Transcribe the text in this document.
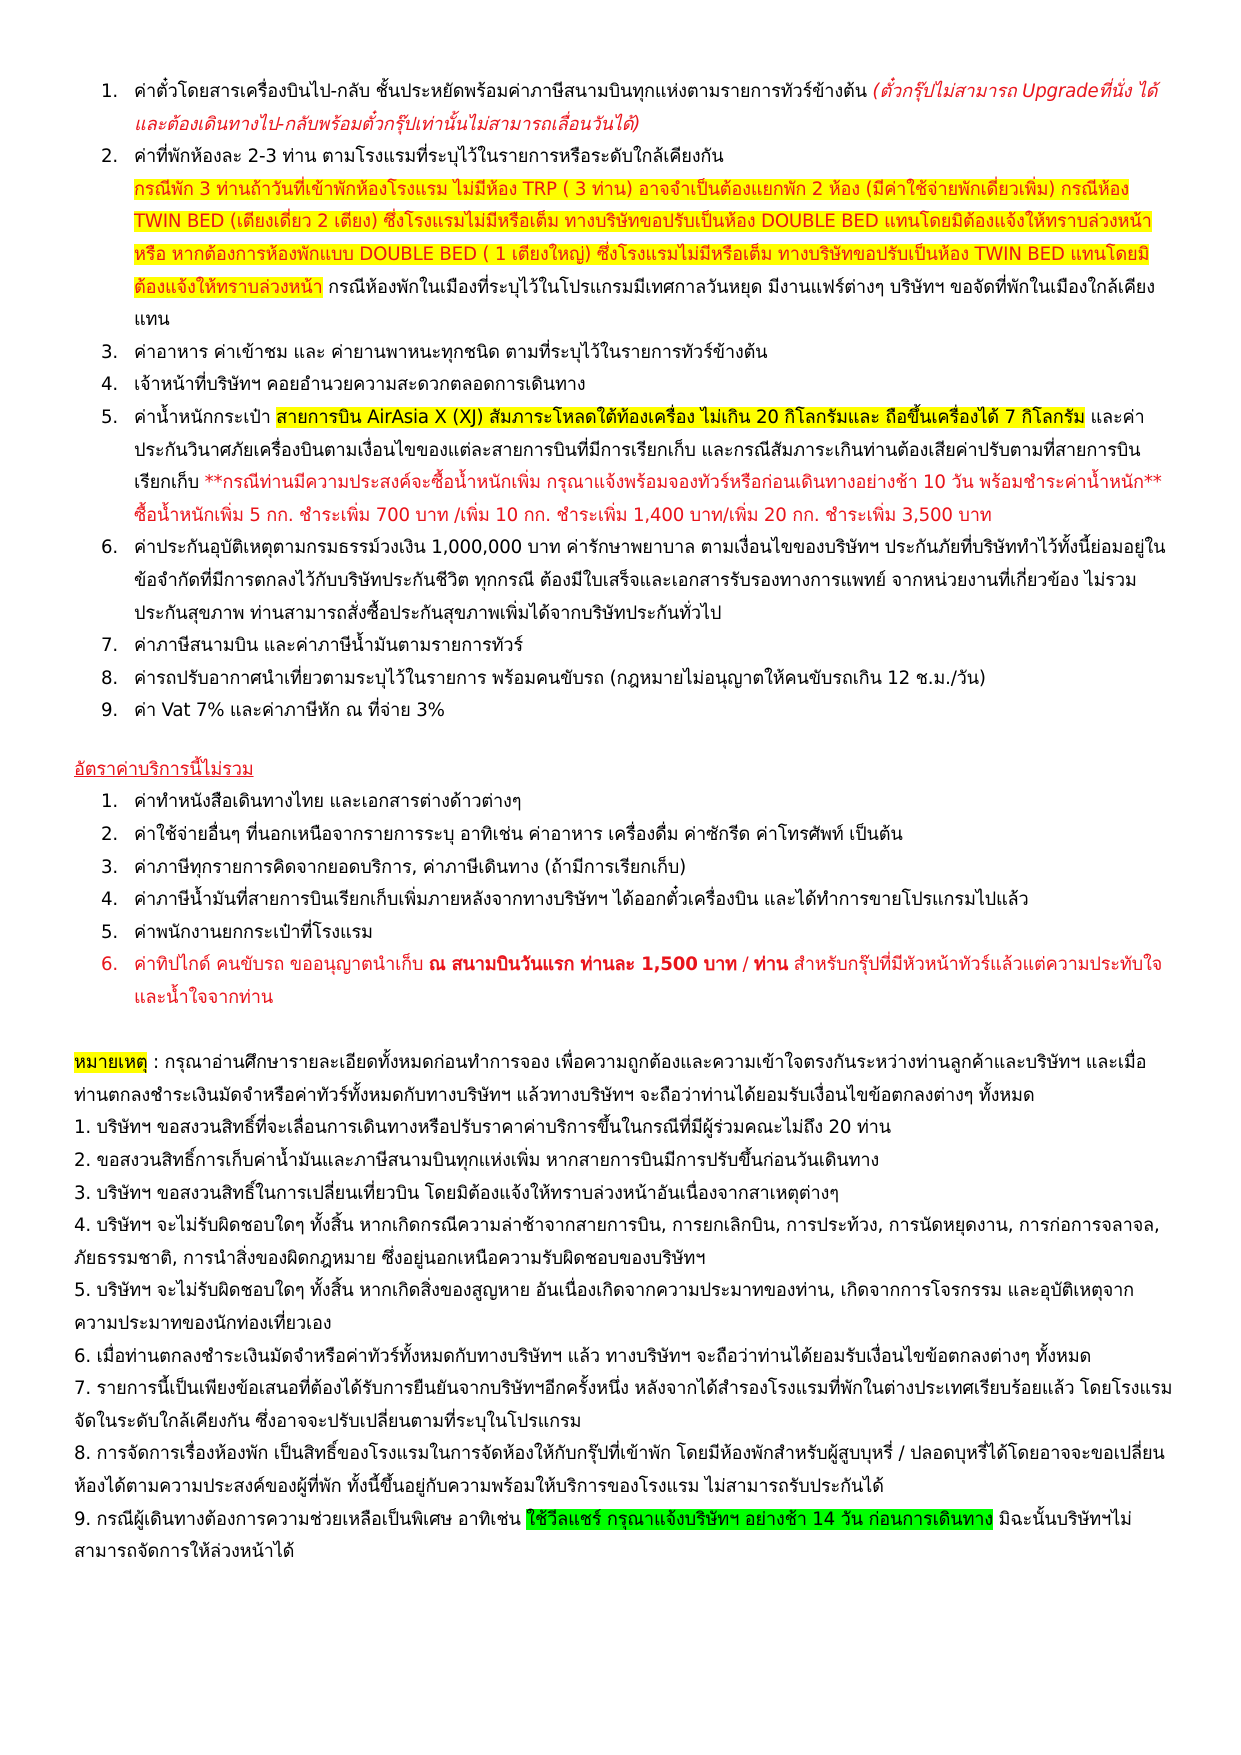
1. ค่าตั๋วโดยสารเครื่องบินไป-กลับ ชั้นประหยัดพร้อมค่าภาษีสนามบินทุกแห่งตามรายการทัวร์ข้างต้น (ตั๋วกรุ๊ปไม่สามารถ Upgradeที่นั่ง ได้ และต้องเดินทางไป-กลับพร้อมตั๋วกรุ๊ปเท่านั้นไม่สามารถเลื่อนวันได้)
2. ค่าที่พักห้องละ 2-3 ท่าน ตามโรงแรมที่ระบุไว้ในรายการหรือระดับใกล้เคียงกัน
กรณีพัก 3 ท่านถ้าวันที่เข้าพักห้องโรงแรม ไม่มีห้อง TRP ( 3 ท่าน) อาจจำเป็นต้องแยกพัก 2 ห้อง (มีค่าใช้จ่ายพักเดี่ยวเพิ่ม) กรณีห้อง TWIN BED (เตียงเดี่ยว 2 เตียง) ซึ่งโรงแรมไม่มีหรือเต็ม ทางบริษัทขอปรับเป็นห้อง DOUBLE BED แทนโดยมิต้องแจ้งให้ทราบล่วงหน้า หรือ หากต้องการห้องพักแบบ DOUBLE BED ( 1 เตียงใหญ่) ซึ่งโรงแรมไม่มีหรือเต็ม ทางบริษัทขอปรับเป็นห้อง TWIN BED แทนโดยมิต้องแจ้งให้ทราบล่วงหน้า กรณีห้องพักในเมืองที่ระบุไว้ในโปรแกรมมีเทศกาลวันหยุด มีงานแฟร์ต่างๆ บริษัทฯ ขอจัดที่พักในเมืองใกล้เคียงแทน
3. ค่าอาหาร ค่าเข้าชม และ ค่ายานพาหนะทุกชนิด ตามที่ระบุไว้ในรายการทัวร์ข้างต้น
4. เจ้าหน้าที่บริษัทฯ คอยอำนวยความสะดวกตลอดการเดินทาง
5. ค่าน้ำหนักกระเป๋า สายการบิน AirAsia X (XJ) สัมภาระโหลดใต้ท้องเครื่อง ไม่เกิน 20 กิโลกรัมและ ถือขึ้นเครื่องได้ 7 กิโลกรัม และค่าประกันวินาศภัยเครื่องบินตามเงื่อนไขของแต่ละสายการบินที่มีการเรียกเก็บ และกรณีสัมภาระเกินท่านต้องเสียค่าปรับตามที่สายการบินเรียกเก็บ **กรณีท่านมีความประสงค์จะซื้อน้ำหนักเพิ่ม กรุณาแจ้งพร้อมจองทัวร์หรือก่อนเดินทางอย่างช้า 10 วัน พร้อมชำระค่าน้ำหนัก**
ซื้อน้ำหนักเพิ่ม 5 กก. ชำระเพิ่ม 700 บาท /เพิ่ม 10 กก. ชำระเพิ่ม 1,400 บาท/เพิ่ม 20 กก. ชำระเพิ่ม 3,500 บาท
6. ค่าประกันอุบัติเหตุตามกรมธรรม์วงเงิน 1,000,000 บาท ค่ารักษาพยาบาล ตามเงื่อนไขของบริษัทฯ ประกันภัยที่บริษัททำไว้ทั้งนี้ย่อมอยู่ในข้อจำกัดที่มีการตกลงไว้กับบริษัทประกันชีวิต ทุกกรณี ต้องมีใบเสร็จและเอกสารรับรองทางการแพทย์ จากหน่วยงานที่เกี่ยวข้อง ไม่รวมประกันสุขภาพ ท่านสามารถสั่งซื้อประกันสุขภาพเพิ่มได้จากบริษัทประกันทั่วไป
7. ค่าภาษีสนามบิน และค่าภาษีน้ำมันตามรายการทัวร์
8. ค่ารถปรับอากาศนำเที่ยวตามระบุไว้ในรายการ พร้อมคนขับรถ (กฎหมายไม่อนุญาตให้คนขับรถเกิน 12 ช.ม./วัน)
9. ค่า Vat 7% และค่าภาษีหัก ณ ที่จ่าย 3%
อัตราค่าบริการนี้ไม่รวม
1. ค่าทำหนังสือเดินทางไทย และเอกสารต่างด้าวต่างๆ
2. ค่าใช้จ่ายอื่นๆ ที่นอกเหนือจากรายการระบุ อาทิเช่น ค่าอาหาร เครื่องดื่ม ค่าซักรีด ค่าโทรศัพท์ เป็นต้น
3. ค่าภาษีทุกรายการคิดจากยอดบริการ, ค่าภาษีเดินทาง (ถ้ามีการเรียกเก็บ)
4. ค่าภาษีน้ำมันที่สายการบินเรียกเก็บเพิ่มภายหลังจากทางบริษัทฯ ได้ออกตั๋วเครื่องบิน และได้ทำการขายโปรแกรมไปแล้ว
5. ค่าพนักงานยกกระเป๋าที่โรงแรม
6. ค่าทิปไกด์ คนขับรถ ขออนุญาตนำเก็บ ณ สนามบินวันแรก ท่านละ 1,500 บาท / ท่าน สำหรับกรุ๊ปที่มีหัวหน้าทัวร์แล้วแต่ความประทับใจและน้ำใจจากท่าน

หมายเหตุ : กรุณาอ่านศึกษารายละเอียดทั้งหมดก่อนทำการจอง เพื่อความถูกต้องและความเข้าใจตรงกันระหว่างท่านลูกค้าและบริษัทฯ และเมื่อท่านตกลงชำระเงินมัดจำหรือค่าทัวร์ทั้งหมดกับทางบริษัทฯ แล้วทางบริษัทฯ จะถือว่าท่านได้ยอมรับเงื่อนไขข้อตกลงต่างๆ ทั้งหมด

1. บริษัทฯ ขอสงวนสิทธิ์ที่จะเลื่อนการเดินทางหรือปรับราคาค่าบริการขึ้นในกรณีที่มีผู้ร่วมคณะไม่ถึง 20 ท่าน

2. ขอสงวนสิทธิ์การเก็บค่าน้ำมันและภาษีสนามบินทุกแห่งเพิ่ม หากสายการบินมีการปรับขึ้นก่อนวันเดินทาง

3. บริษัทฯ ขอสงวนสิทธิ์ในการเปลี่ยนเที่ยวบิน โดยมิต้องแจ้งให้ทราบล่วงหน้าอันเนื่องจากสาเหตุต่างๆ

4. บริษัทฯ จะไม่รับผิดชอบใดๆ ทั้งสิ้น หากเกิดกรณีความล่าช้าจากสายการบิน, การยกเลิกบิน, การประท้วง, การนัดหยุดงาน, การก่อการจลาจล, ภัยธรรมชาติ, การนำสิ่งของผิดกฎหมาย ซึ่งอยู่นอกเหนือความรับผิดชอบของบริษัทฯ

5. บริษัทฯ จะไม่รับผิดชอบใดๆ ทั้งสิ้น หากเกิดสิ่งของสูญหาย อันเนื่องเกิดจากความประมาทของท่าน, เกิดจากการโจรกรรม และอุบัติเหตุจากความประมาทของนักท่องเที่ยวเอง

6. เมื่อท่านตกลงชำระเงินมัดจำหรือค่าทัวร์ทั้งหมดกับทางบริษัทฯ แล้ว ทางบริษัทฯ จะถือว่าท่านได้ยอมรับเงื่อนไขข้อตกลงต่างๆ ทั้งหมด

7. รายการนี้เป็นเพียงข้อเสนอที่ต้องได้รับการยืนยันจากบริษัทฯอีกครั้งหนึ่ง หลังจากได้สำรองโรงแรมที่พักในต่างประเทศเรียบร้อยแล้ว โดยโรงแรมจัดในระดับใกล้เคียงกัน ซึ่งอาจจะปรับเปลี่ยนตามที่ระบุในโปรแกรม

8. การจัดการเรื่องห้องพัก เป็นสิทธิ์ของโรงแรมในการจัดห้องให้กับกรุ๊ปที่เข้าพัก โดยมีห้องพักสำหรับผู้สูบบุหรี่ / ปลอดบุหรี่ได้โดยอาจจะขอเปลี่ยนห้องได้ตามความประสงค์ของผู้ที่พัก ทั้งนี้ขึ้นอยู่กับความพร้อมให้บริการของโรงแรม ไม่สามารถรับประกันได้

9. กรณีผู้เดินทางต้องการความช่วยเหลือเป็นพิเศษ อาทิเช่น ใช้วีลแชร์ กรุณาแจ้งบริษัทฯ อย่างช้า 14 วัน ก่อนการเดินทาง มิฉะนั้นบริษัทฯไม่สามารถจัดการให้ล่วงหน้าได้
